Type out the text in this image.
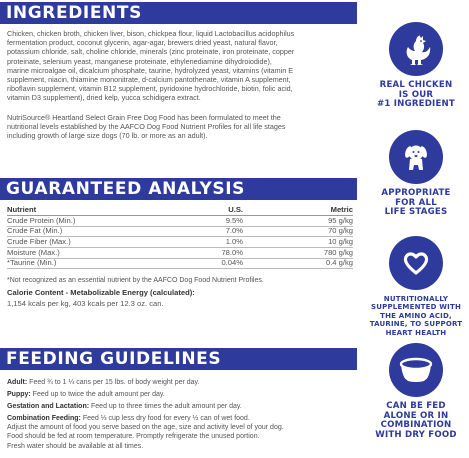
INGREDIENTS
Chicken, chicken broth, chicken liver, bison, chickpea flour, liquid Lactobacillus acidophilus
fermentation product, coconut glycerin, agar-agar, brewers dried yeast, natural flavor,
potassium chloride, salt, choline chloride, minerals (zinc proteinate, iron proteinate, copper
proteinate, selenium yeast, manganese proteinate, ethylenediamine dihydroiodide),
marine microalgae oil, dicalcium phosphate, taurine, hydrolyzed yeast, vitamins (vitamin E
supplement, niacin, thiamine mononitrate, d-calcium pantothenate, vitamin A supplement,
riboflavin supplement, vitamin B12 supplement, pyridoxine hydrochloride, biotin, folic acid,
vitamin D3 supplement), dried kelp, yucca schidigera extract.
NutriSource® Heartland Select Grain Free Dog Food has been formulated to meet the
nutritional levels established by the AAFCO Dog Food Nutrient Profiles for all life stages
including growth of large size dogs (70 lb. or more as an adult).
GUARANTEED ANALYSIS
Nutrient	U.S.	Metric
Crude Protein (Min.)	9.5%	95 g/kg
Crude Fat (Min.)	7.0%	70 g/kg
Crude Fiber (Max.)	1.0%	10 g/kg
Moisture (Max.)	78.0%	780 g/kg
*Taurine (Min.)	0.04%	0.4 g/kg
*Not recognized as an essential nutrient by the AAFCO Dog Food Nutrient Profiles.
Calorie Content - Metabolizable Energy (calculated):
1,154 kcals per kg, 403 kcals per 12.3 oz. can.
FEEDING GUIDELINES
Adult: Feed ¾ to 1 ¼ cans per 15 lbs. of body weight per day.
Puppy: Feed up to twice the adult amount per day.
Gestation and Lactation: Feed up to three times the adult amount per day.
Combination Feeding: Feed ⅓ cup less dry food for every ½ can of wet food.
Adjust the amount of food you serve based on the age, size and activity level of your dog.
Food should be fed at room temperature. Promptly refrigerate the unused portion.
Fresh water should be available at all times.
REAL CHICKEN
IS OUR
#1 INGREDIENT
APPROPRIATE
FOR ALL
LIFE STAGES
NUTRITIONALLY
SUPPLEMENTED WITH
THE AMINO ACID,
TAURINE, TO SUPPORT
HEART HEALTH
CAN BE FED
ALONE OR IN
COMBINATION
WITH DRY FOOD
